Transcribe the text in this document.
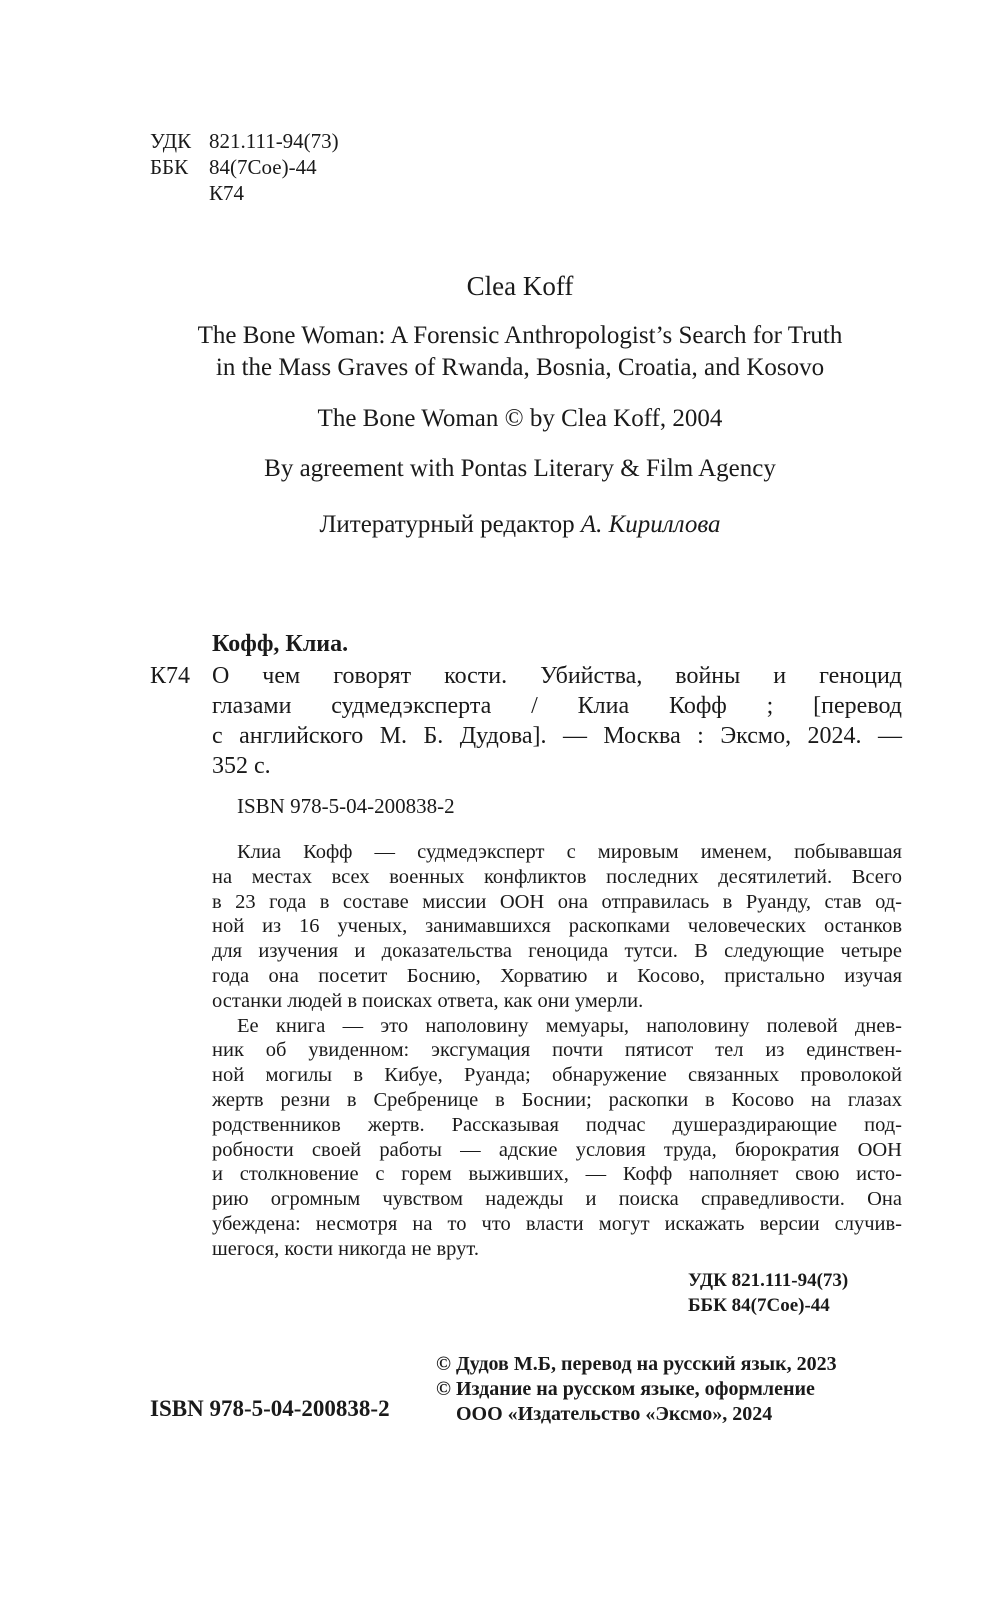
УДК 821.111-94(73)
ББК 84(7Сое)-44
К74
Clea Koff
The Bone Woman: A Forensic Anthropologist’s Search for Truth
in the Mass Graves of Rwanda, Bosnia, Croatia, and Kosovo
The Bone Woman © by Clea Koff, 2004
By agreement with Pontas Literary & Film Agency
Литературный редактор А. Кириллова
Кофф, Клиа.
К74 О чем говорят кости. Убийства, войны и геноцид
глазами судмедэксперта / Клиа Кофф ; [перевод
с английского М. Б. Дудова]. — Москва : Эксмо, 2024. —
352 с.
ISBN 978-5-04-200838-2
Клиа Кофф — судмедэксперт с мировым именем, побывавшая
на местах всех военных конфликтов последних десятилетий. Всего
в 23 года в составе миссии ООН она отправилась в Руанду, став од-
ной из 16 ученых, занимавшихся раскопками человеческих останков
для изучения и доказательства геноцида тутси. В следующие четыре
года она посетит Боснию, Хорватию и Косово, пристально изучая
останки людей в поисках ответа, как они умерли.
Ее книга — это наполовину мемуары, наполовину полевой днев-
ник об увиденном: эксгумация почти пятисот тел из единствен-
ной могилы в Кибуе, Руанда; обнаружение связанных проволокой
жертв резни в Сребренице в Боснии; раскопки в Косово на глазах
родственников жертв. Рассказывая подчас душераздирающие под-
робности своей работы — адские условия труда, бюрократия ООН
и столкновение с горем выживших, — Кофф наполняет свою исто-
рию огромным чувством надежды и поиска справедливости. Она
убеждена: несмотря на то что власти могут искажать версии случив-
шегося, кости никогда не врут.
УДК 821.111-94(73)
ББК 84(7Сое)-44
ISBN 978-5-04-200838-2
© Дудов М.Б, перевод на русский язык, 2023
© Издание на русском языке, оформление
ООО «Издательство «Эксмо», 2024
